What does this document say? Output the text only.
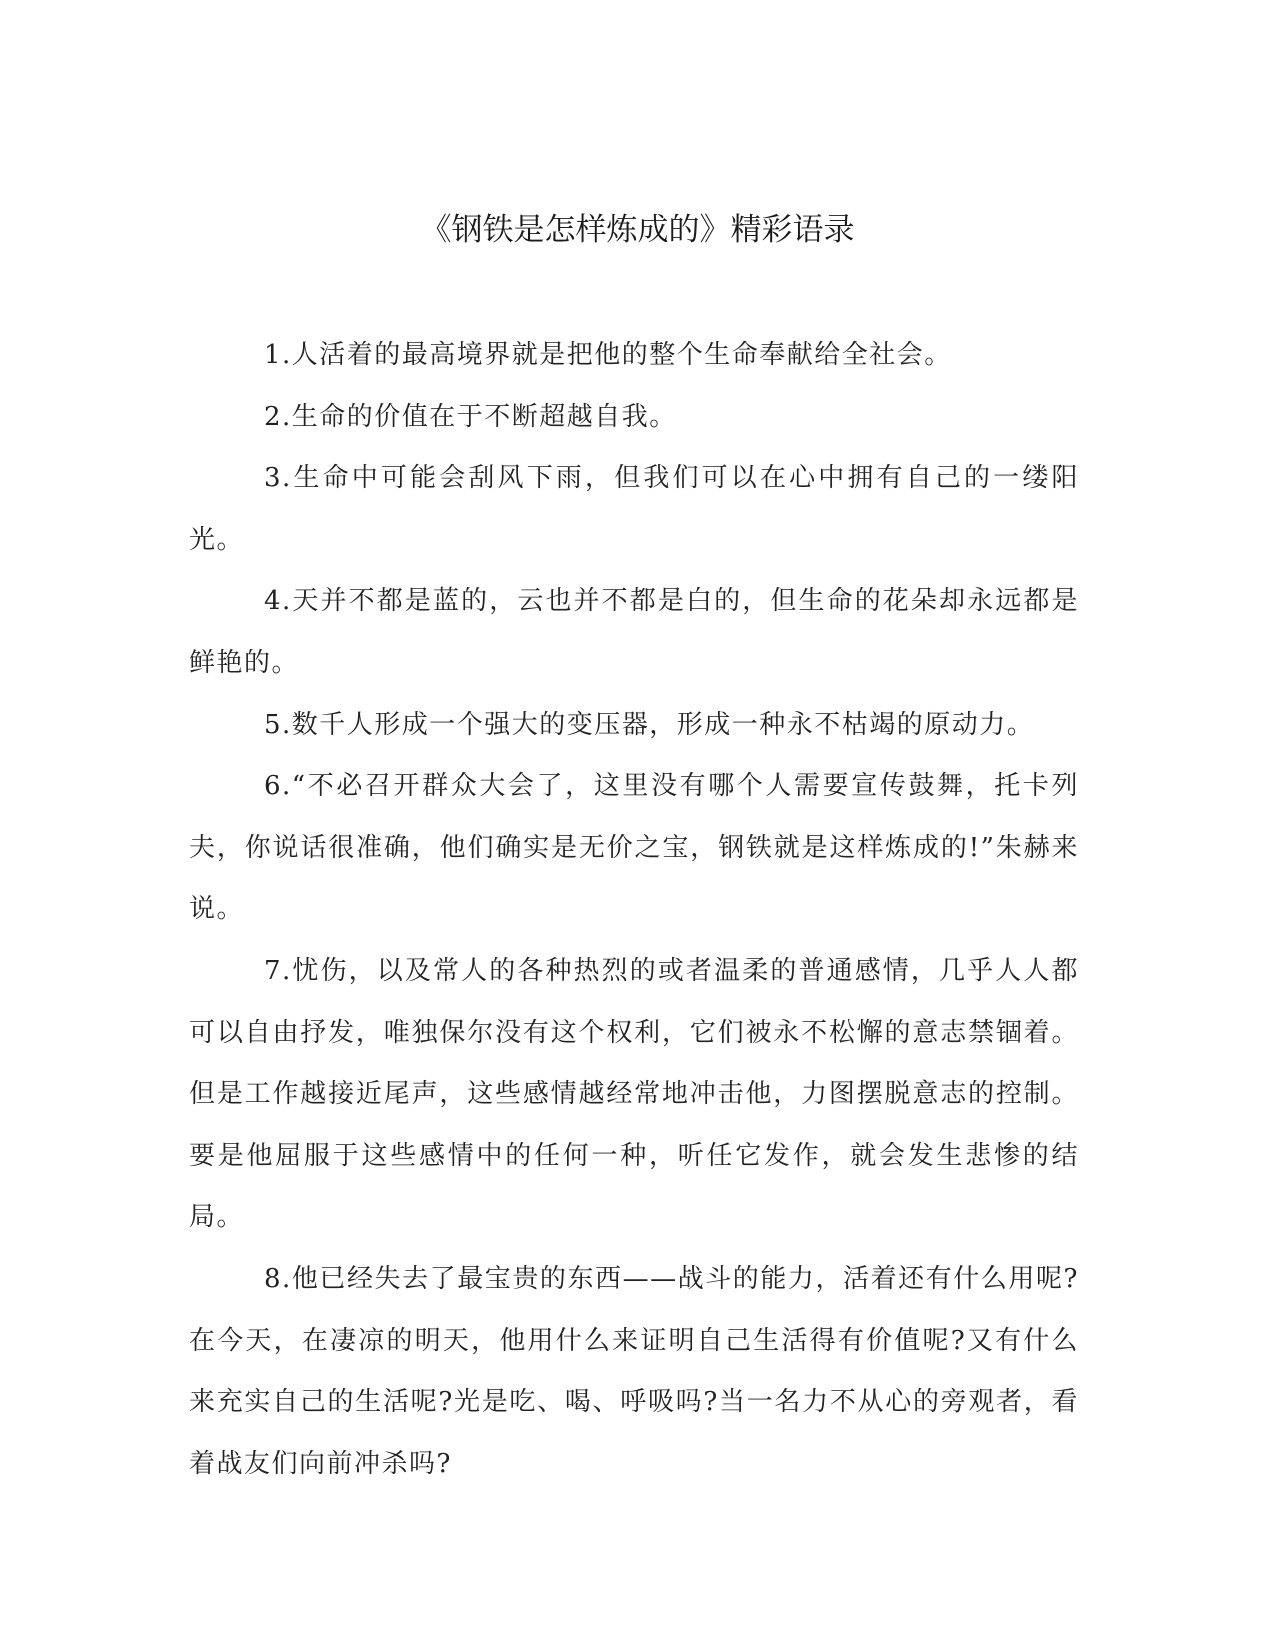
《钢铁是怎样炼成的》精彩语录

1.人活着的最高境界就是把他的整个生命奉献给全社会。

2.生命的价值在于不断超越自我。

3.生命中可能会刮风下雨，但我们可以在心中拥有自己的一缕阳光。

4.天并不都是蓝的，云也并不都是白的，但生命的花朵却永远都是鲜艳的。

5.数千人形成一个强大的变压器，形成一种永不枯竭的原动力。

6.“不必召开群众大会了，这里没有哪个人需要宣传鼓舞，托卡列夫，你说话很准确，他们确实是无价之宝，钢铁就是这样炼成的!”朱赫来说。

7.忧伤，以及常人的各种热烈的或者温柔的普通感情，几乎人人都可以自由抒发，唯独保尔没有这个权利，它们被永不松懈的意志禁锢着。但是工作越接近尾声，这些感情越经常地冲击他，力图摆脱意志的控制。要是他屈服于这些感情中的任何一种，听任它发作，就会发生悲惨的结局。

8.他已经失去了最宝贵的东西——战斗的能力，活着还有什么用呢?在今天，在凄凉的明天，他用什么来证明自己生活得有价值呢?又有什么来充实自己的生活呢?光是吃、喝、呼吸吗?当一名力不从心的旁观者，看着战友们向前冲杀吗?
